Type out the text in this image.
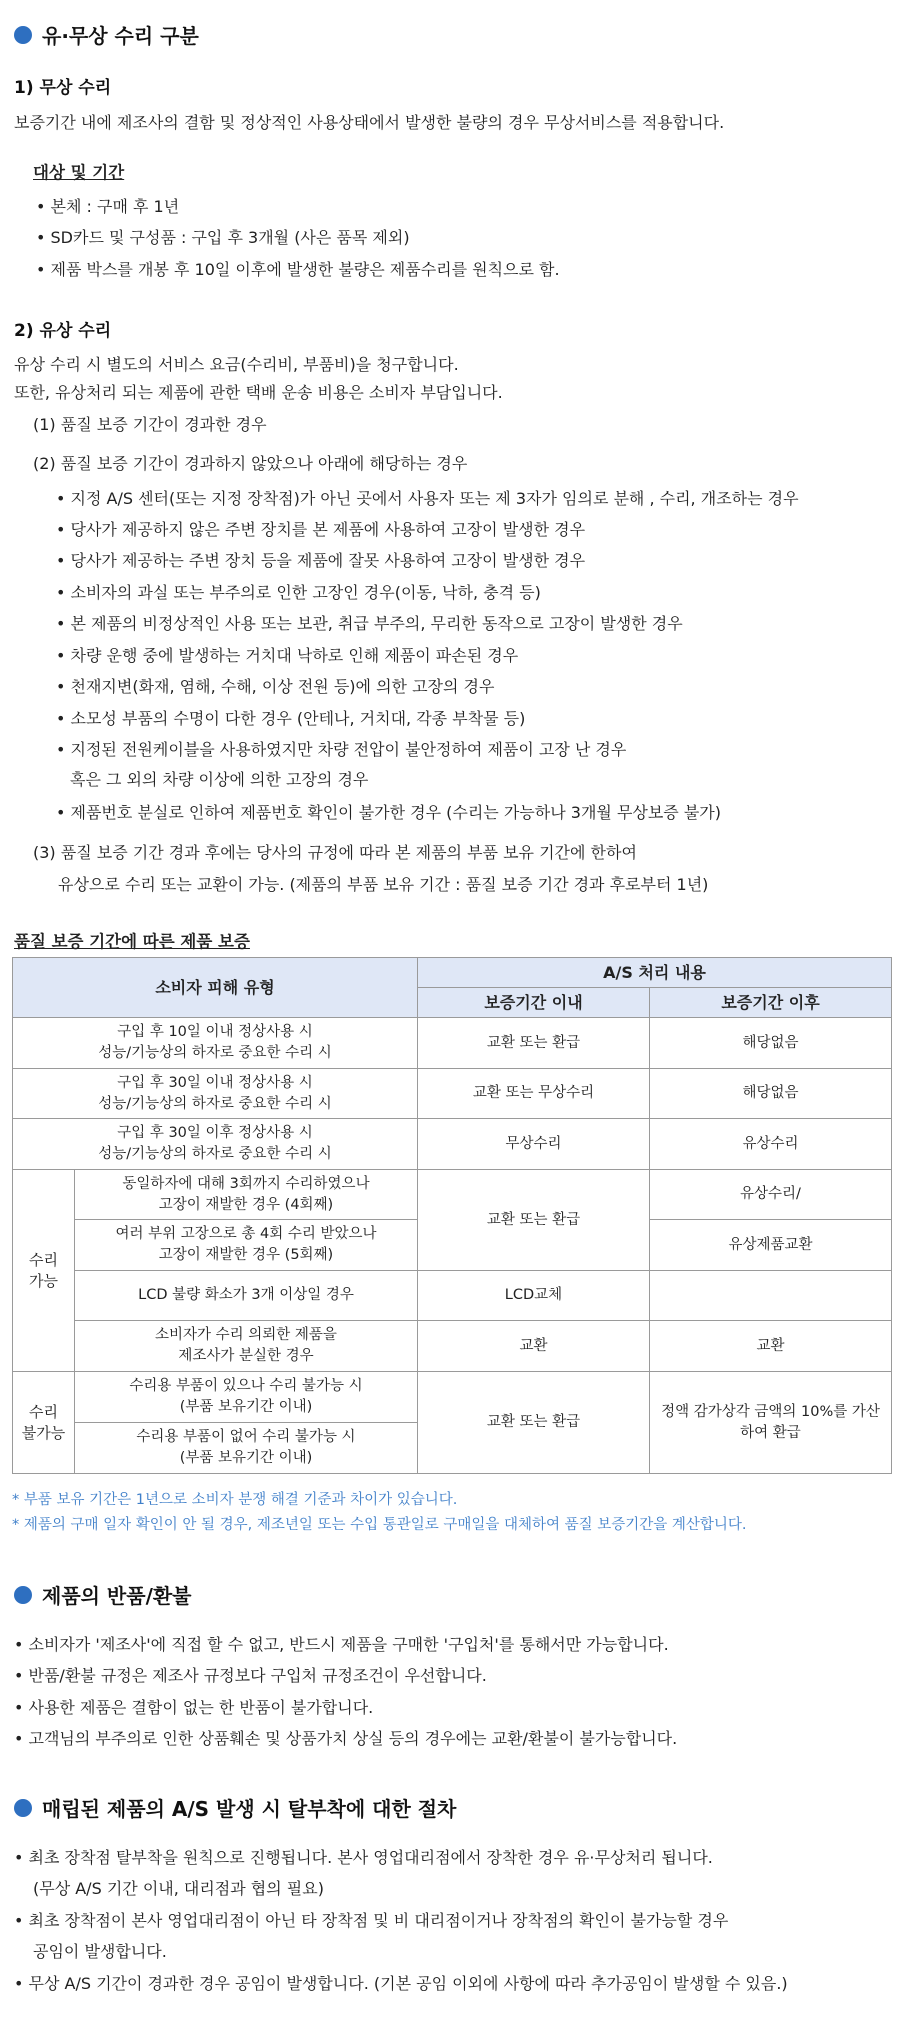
유·무상 수리 구분
1) 무상 수리
보증기간 내에 제조사의 결함 및 정상적인 사용상태에서 발생한 불량의 경우 무상서비스를 적용합니다.
대상 및 기간
• 본체 : 구매 후 1년
• SD카드 및 구성품 : 구입 후 3개월 (사은 품목 제외)
• 제품 박스를 개봉 후 10일 이후에 발생한 불량은 제품수리를 원칙으로 함.
2) 유상 수리
유상 수리 시 별도의 서비스 요금(수리비, 부품비)을 청구합니다.
또한, 유상처리 되는 제품에 관한 택배 운송 비용은 소비자 부담입니다.
(1) 품질 보증 기간이 경과한 경우
(2) 품질 보증 기간이 경과하지 않았으나 아래에 해당하는 경우
• 지정 A/S 센터(또는 지정 장착점)가 아닌 곳에서 사용자 또는 제 3자가 임의로 분해 , 수리, 개조하는 경우
• 당사가 제공하지 않은 주변 장치를 본 제품에 사용하여 고장이 발생한 경우
• 당사가 제공하는 주변 장치 등을 제품에 잘못 사용하여 고장이 발생한 경우
• 소비자의 과실 또는 부주의로 인한 고장인 경우(이동, 낙하, 충격 등)
• 본 제품의 비정상적인 사용 또는 보관, 취급 부주의, 무리한 동작으로 고장이 발생한 경우
• 차량 운행 중에 발생하는 거치대 낙하로 인해 제품이 파손된 경우
• 천재지변(화재, 염해, 수해, 이상 전원 등)에 의한 고장의 경우
• 소모성 부품의 수명이 다한 경우 (안테나, 거치대, 각종 부착물 등)
• 지정된 전원케이블을 사용하였지만 차량 전압이 불안정하여 제품이 고장 난 경우
혹은 그 외의 차량 이상에 의한 고장의 경우
• 제품번호 분실로 인하여 제품번호 확인이 불가한 경우 (수리는 가능하나 3개월 무상보증 불가)
(3) 품질 보증 기간 경과 후에는 당사의 규정에 따라 본 제품의 부품 보유 기간에 한하여
유상으로 수리 또는 교환이 가능. (제품의 부품 보유 기간 : 품질 보증 기간 경과 후로부터 1년)
품질 보증 기간에 따른 제품 보증
소비자 피해 유형		A/S 처리 내용	
		보증기간 이내	보증기간 이후
구입 후 10일 이내 정상사용 시
성능/기능상의 하자로 중요한 수리 시		교환 또는 환급	해당없음
구입 후 30일 이내 정상사용 시
성능/기능상의 하자로 중요한 수리 시		교환 또는 무상수리	해당없음
구입 후 30일 이후 정상사용 시
성능/기능상의 하자로 중요한 수리 시		무상수리	유상수리
수리
가능	동일하자에 대해 3회까지 수리하였으나
고장이 재발한 경우 (4회째)	교환 또는 환급	유상수리/
	여러 부위 고장으로 총 4회 수리 받았으나
고장이 재발한 경우 (5회째)		유상제품교환
	LCD 불량 화소가 3개 이상일 경우	LCD교체	
	소비자가 수리 의뢰한 제품을
제조사가 분실한 경우	교환	교환
수리
불가능	수리용 부품이 있으나 수리 불가능 시
(부품 보유기간 이내)	교환 또는 환급	정액 감가상각 금액의 10%를 가산
하여 환급
	수리용 부품이 없어 수리 불가능 시
(부품 보유기간 이내)		
* 부품 보유 기간은 1년으로 소비자 분쟁 해결 기준과 차이가 있습니다.
* 제품의 구매 일자 확인이 안 될 경우, 제조년일 또는 수입 통관일로 구매일을 대체하여 품질 보증기간을 계산합니다.
제품의 반품/환불
• 소비자가 '제조사'에 직접 할 수 없고, 반드시 제품을 구매한 '구입처'를 통해서만 가능합니다.
• 반품/환불 규정은 제조사 규정보다 구입처 규정조건이 우선합니다.
• 사용한 제품은 결함이 없는 한 반품이 불가합니다.
• 고객님의 부주의로 인한 상품훼손 및 상품가치 상실 등의 경우에는 교환/환불이 불가능합니다.
매립된 제품의 A/S 발생 시 탈부착에 대한 절차
• 최초 장착점 탈부착을 원칙으로 진행됩니다. 본사 영업대리점에서 장착한 경우 유·무상처리 됩니다.
(무상 A/S 기간 이내, 대리점과 협의 필요)
• 최초 장착점이 본사 영업대리점이 아닌 타 장착점 및 비 대리점이거나 장착점의 확인이 불가능할 경우
공임이 발생합니다.
• 무상 A/S 기간이 경과한 경우 공임이 발생합니다. (기본 공임 이외에 사항에 따라 추가공임이 발생할 수 있음.)
